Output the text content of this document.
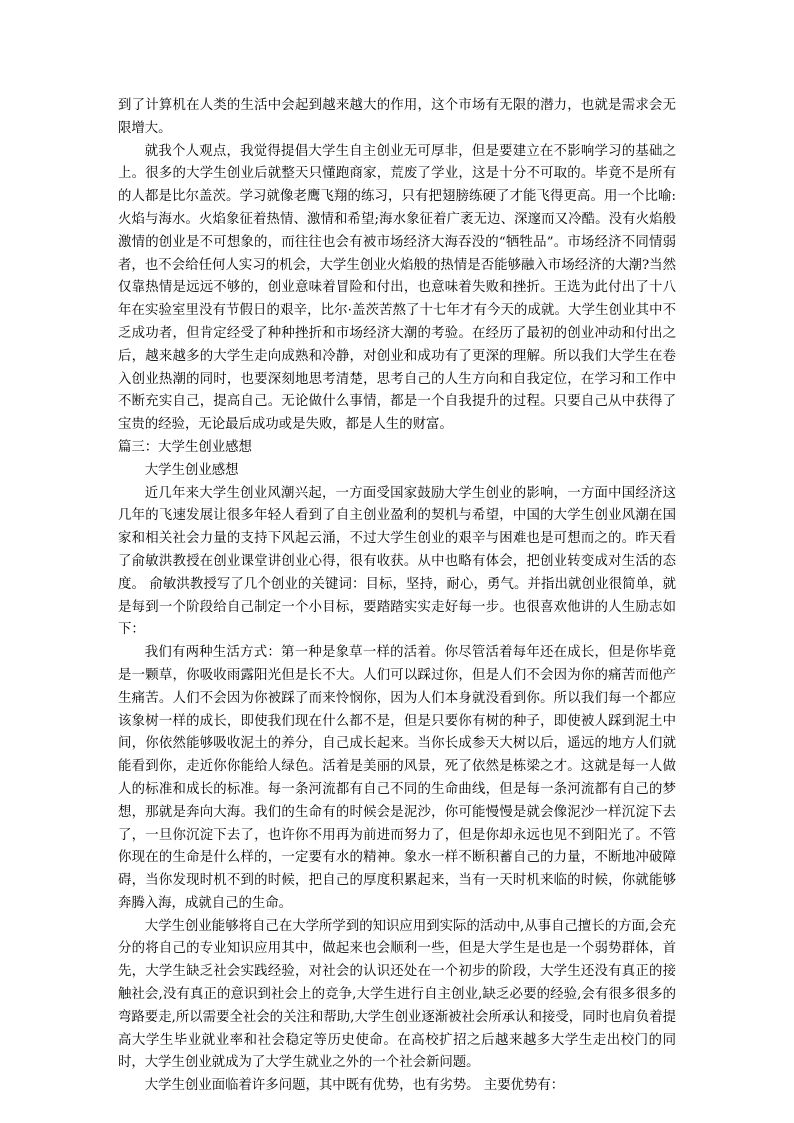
到了计算机在人类的生活中会起到越来越大的作用，这个市场有无限的潜力，也就是需求会无限增大。

就我个人观点，我觉得提倡大学生自主创业无可厚非，但是要建立在不影响学习的基础之上。很多的大学生创业后就整天只懂跑商家，荒废了学业，这是十分不可取的。毕竟不是所有的人都是比尔盖茨。学习就像老鹰飞翔的练习，只有把翅膀练硬了才能飞得更高。用一个比喻:火焰与海水。火焰象征着热情、激情和希望;海水象征着广袤无边、深邃而又冷酷。没有火焰般激情的创业是不可想象的，而往往也会有被市场经济大海吞没的“牺牲品”。市场经济不同情弱者，也不会给任何人实习的机会，大学生创业火焰般的热情是否能够融入市场经济的大潮?当然仅靠热情是远远不够的，创业意味着冒险和付出，也意味着失败和挫折。王选为此付出了十八年在实验室里没有节假日的艰辛，比尔·盖茨苦熬了十七年才有今天的成就。大学生创业其中不乏成功者，但肯定经受了种种挫折和市场经济大潮的考验。在经历了最初的创业冲动和付出之后，越来越多的大学生走向成熟和冷静，对创业和成功有了更深的理解。所以我们大学生在卷入创业热潮的同时，也要深刻地思考清楚，思考自己的人生方向和自我定位，在学习和工作中不断充实自己，提高自己。无论做什么事情，都是一个自我提升的过程。只要自己从中获得了宝贵的经验，无论最后成功或是失败，都是人生的财富。

篇三：大学生创业感想

大学生创业感想

近几年来大学生创业风潮兴起，一方面受国家鼓励大学生创业的影响，一方面中国经济这几年的飞速发展让很多年轻人看到了自主创业盈利的契机与希望，中国的大学生创业风潮在国家和相关社会力量的支持下风起云涌，不过大学生创业的艰辛与困难也是可想而之的。昨天看了俞敏洪教授在创业课堂讲创业心得，很有收获。从中也略有体会，把创业转变成对生活的态度。 俞敏洪教授写了几个创业的关键词：目标，坚持，耐心，勇气。并指出就创业很简单，就是每到一个阶段给自己制定一个小目标，要踏踏实实走好每一步。也很喜欢他讲的人生励志如下：

我们有两种生活方式：第一种是象草一样的活着。你尽管活着每年还在成长，但是你毕竟是一颗草，你吸收雨露阳光但是长不大。人们可以踩过你，但是人们不会因为你的痛苦而他产生痛苦。人们不会因为你被踩了而来怜悯你，因为人们本身就没看到你。所以我们每一个都应该象树一样的成长，即使我们现在什么都不是，但是只要你有树的种子，即使被人踩到泥土中间，你依然能够吸收泥土的养分，自己成长起来。当你长成参天大树以后，遥远的地方人们就能看到你，走近你你能给人绿色。活着是美丽的风景，死了依然是栋梁之才。这就是每一人做人的标准和成长的标准。每一条河流都有自己不同的生命曲线，但是每一条河流都有自己的梦想，那就是奔向大海。我们的生命有的时候会是泥沙，你可能慢慢是就会像泥沙一样沉淀下去了，一旦你沉淀下去了，也许你不用再为前进而努力了，但是你却永远也见不到阳光了。不管你现在的生命是什么样的，一定要有水的精神。象水一样不断积蓄自己的力量，不断地冲破障碍，当你发现时机不到的时候，把自己的厚度积累起来，当有一天时机来临的时候，你就能够奔腾入海，成就自己的生命。

大学生创业能够将自己在大学所学到的知识应用到实际的活动中,从事自己擅长的方面,会充分的将自己的专业知识应用其中，做起来也会顺利一些，但是大学生是也是一个弱势群体，首先，大学生缺乏社会实践经验，对社会的认识还处在一个初步的阶段，大学生还没有真正的接触社会,没有真正的意识到社会上的竞争,大学生进行自主创业,缺乏必要的经验,会有很多很多的弯路要走,所以需要全社会的关注和帮助,大学生创业逐渐被社会所承认和接受，同时也肩负着提高大学生毕业就业率和社会稳定等历史使命。在高校扩招之后越来越多大学生走出校门的同时，大学生创业就成为了大学生就业之外的一个社会新问题。

大学生创业面临着许多问题，其中既有优势，也有劣势。 主要优势有：
